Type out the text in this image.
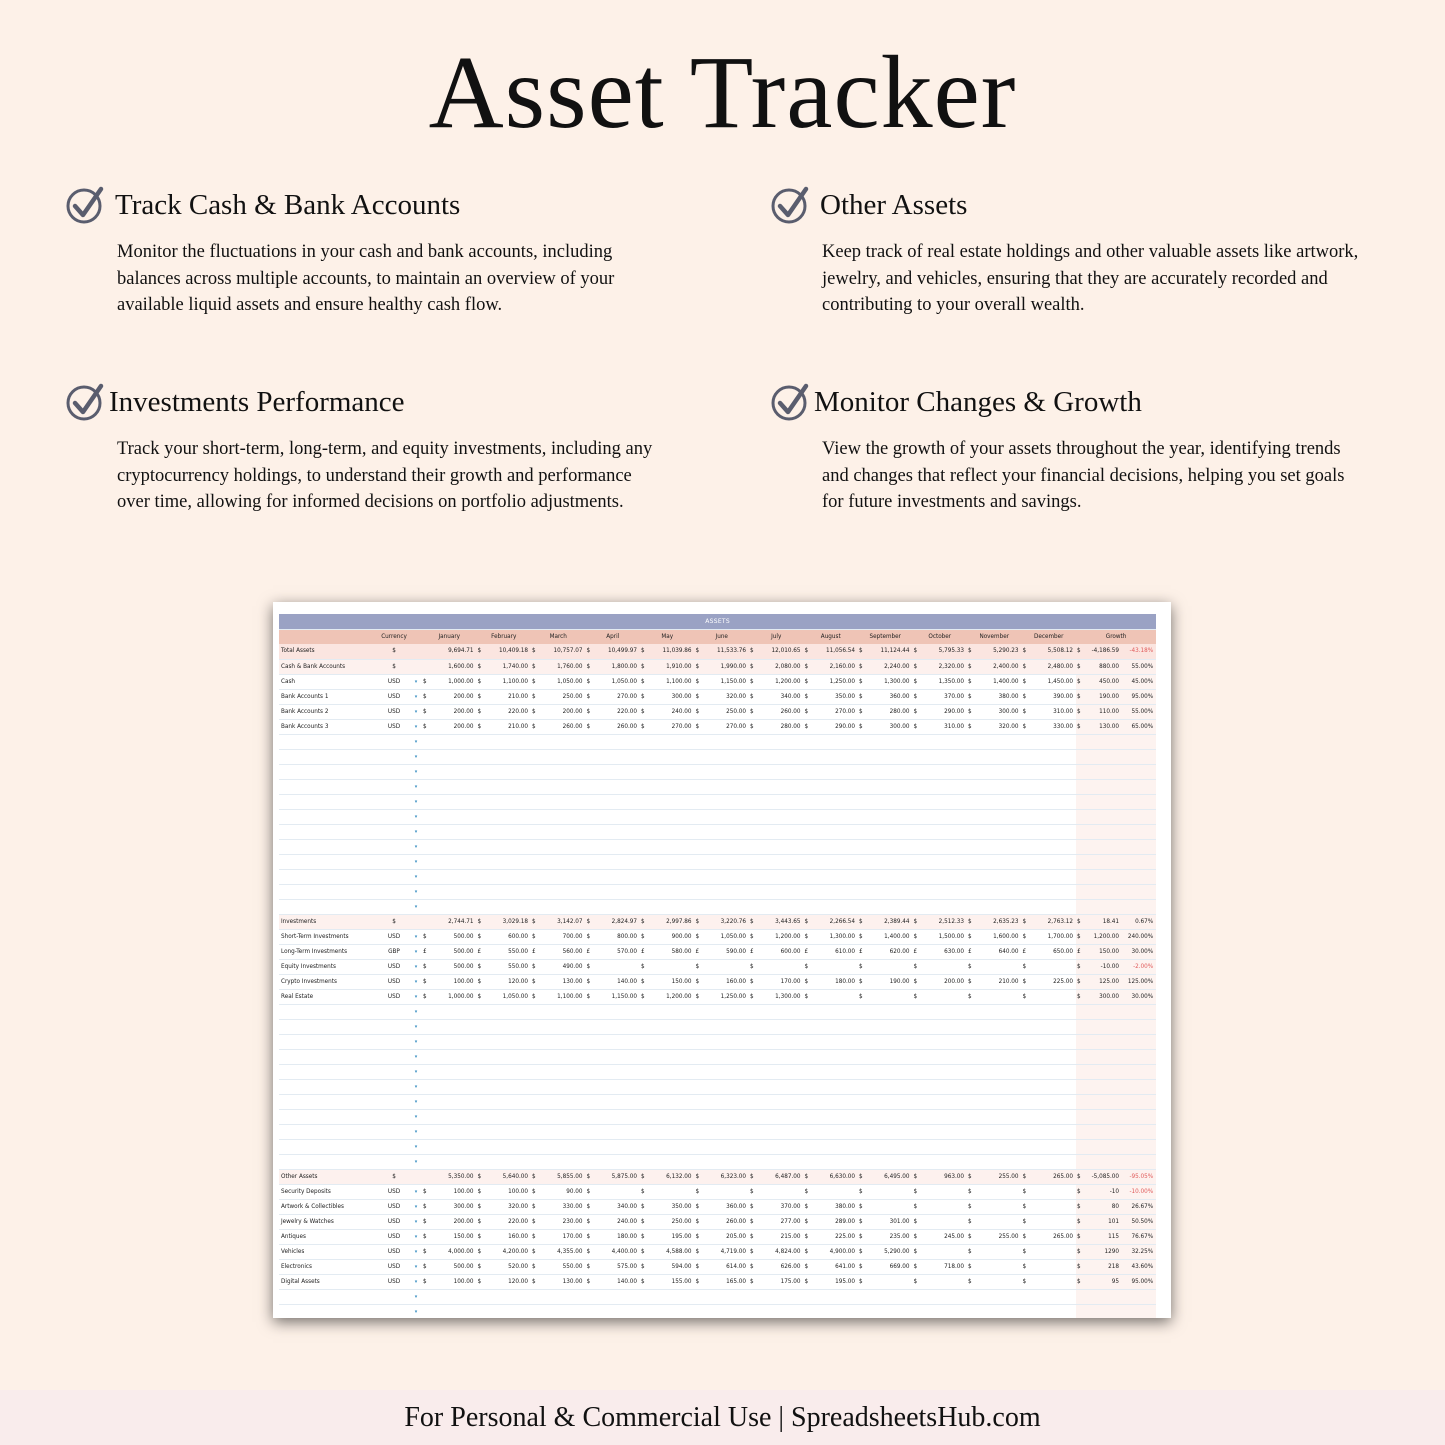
Asset Tracker
Track Cash & Bank Accounts

Monitor the fluctuations in your cash and bank accounts, including balances across multiple accounts, to maintain an overview of your available liquid assets and ensure healthy cash flow.

Other Assets

Keep track of real estate holdings and other valuable assets like artwork, jewelry, and vehicles, ensuring that they are accurately recorded and contributing to your overall wealth.

Investments Performance

Track your short-term, long-term, and equity investments, including any cryptocurrency holdings, to understand their growth and performance over time, allowing for informed decisions on portfolio adjustments.

Monitor Changes & Growth

View the growth of your assets throughout the year, identifying trends and changes that reflect your financial decisions, helping you set goals for future investments and savings.

ASSETS																													
	Currency		January		February		March		April		May		June		July		August		September		October		November		December		Growth		
Total Assets	$			9,694.71	$	10,409.18	$	10,757.07	$	10,499.97	$	11,039.86	$	11,533.76	$	12,010.65	$	11,056.54	$	11,124.44	$	5,795.33	$	5,290.23	$	5,508.12	$	-4,186.59	-43.18%
Cash & Bank Accounts	$			1,600.00	$	1,740.00	$	1,760.00	$	1,800.00	$	1,910.00	$	1,990.00	$	2,080.00	$	2,160.00	$	2,240.00	$	2,320.00	$	2,400.00	$	2,480.00	$	880.00	55.00%
Cash	USD	▾	$	1,000.00	$	1,100.00	$	1,050.00	$	1,050.00	$	1,100.00	$	1,150.00	$	1,200.00	$	1,250.00	$	1,300.00	$	1,350.00	$	1,400.00	$	1,450.00	$	450.00	45.00%
Bank Accounts 1	USD	▾	$	200.00	$	210.00	$	250.00	$	270.00	$	300.00	$	320.00	$	340.00	$	350.00	$	360.00	$	370.00	$	380.00	$	390.00	$	190.00	95.00%
Bank Accounts 2	USD	▾	$	200.00	$	220.00	$	200.00	$	220.00	$	240.00	$	250.00	$	260.00	$	270.00	$	280.00	$	290.00	$	300.00	$	310.00	$	110.00	55.00%
Bank Accounts 3	USD	▾	$	200.00	$	210.00	$	260.00	$	260.00	$	270.00	$	270.00	$	280.00	$	290.00	$	300.00	$	310.00	$	320.00	$	330.00	$	130.00	65.00%
		▾																											
		▾																											
		▾																											
		▾																											
		▾																											
		▾																											
		▾																											
		▾																											
		▾																											
		▾																											
		▾																											
		▾																											
Investments	$			2,744.71	$	3,029.18	$	3,142.07	$	2,824.97	$	2,997.86	$	3,220.76	$	3,443.65	$	2,266.54	$	2,389.44	$	2,512.33	$	2,635.23	$	2,763.12	$	18.41	0.67%
Short-Term Investments	USD	▾	$	500.00	$	600.00	$	700.00	$	800.00	$	900.00	$	1,050.00	$	1,200.00	$	1,300.00	$	1,400.00	$	1,500.00	$	1,600.00	$	1,700.00	$	1,200.00	240.00%
Long-Term Investments	GBP	▾	£	500.00	£	550.00	£	560.00	£	570.00	£	580.00	£	590.00	£	600.00	£	610.00	£	620.00	£	630.00	£	640.00	£	650.00	£	150.00	30.00%
Equity Investments	USD	▾	$	500.00	$	550.00	$	490.00	$		$		$		$		$		$		$		$		$		$	-10.00	-2.00%
Crypto Investments	USD	▾	$	100.00	$	120.00	$	130.00	$	140.00	$	150.00	$	160.00	$	170.00	$	180.00	$	190.00	$	200.00	$	210.00	$	225.00	$	125.00	125.00%
Real Estate	USD	▾	$	1,000.00	$	1,050.00	$	1,100.00	$	1,150.00	$	1,200.00	$	1,250.00	$	1,300.00	$		$		$		$		$		$	300.00	30.00%
		▾																											
		▾																											
		▾																											
		▾																											
		▾																											
		▾																											
		▾																											
		▾																											
		▾																											
		▾																											
		▾																											
Other Assets	$			5,350.00	$	5,640.00	$	5,855.00	$	5,875.00	$	6,132.00	$	6,323.00	$	6,487.00	$	6,630.00	$	6,495.00	$	963.00	$	255.00	$	265.00	$	-5,085.00	-95.05%
Security Deposits	USD	▾	$	100.00	$	100.00	$	90.00	$		$		$		$		$		$		$		$		$		$	-10	-10.00%
Artwork & Collectibles	USD	▾	$	300.00	$	320.00	$	330.00	$	340.00	$	350.00	$	360.00	$	370.00	$	380.00	$		$		$		$		$	80	26.67%
Jewelry & Watches	USD	▾	$	200.00	$	220.00	$	230.00	$	240.00	$	250.00	$	260.00	$	277.00	$	289.00	$	301.00	$		$		$		$	101	50.50%
Antiques	USD	▾	$	150.00	$	160.00	$	170.00	$	180.00	$	195.00	$	205.00	$	215.00	$	225.00	$	235.00	$	245.00	$	255.00	$	265.00	$	115	76.67%
Vehicles	USD	▾	$	4,000.00	$	4,200.00	$	4,355.00	$	4,400.00	$	4,588.00	$	4,719.00	$	4,824.00	$	4,900.00	$	5,290.00	$		$		$		$	1290	32.25%
Electronics	USD	▾	$	500.00	$	520.00	$	550.00	$	575.00	$	594.00	$	614.00	$	626.00	$	641.00	$	669.00	$	718.00	$		$		$	218	43.60%
Digital Assets	USD	▾	$	100.00	$	120.00	$	130.00	$	140.00	$	155.00	$	165.00	$	175.00	$	195.00	$		$		$		$		$	95	95.00%
		▾																											
		▾																											
For Personal & Commercial Use | SpreadsheetsHub.com
